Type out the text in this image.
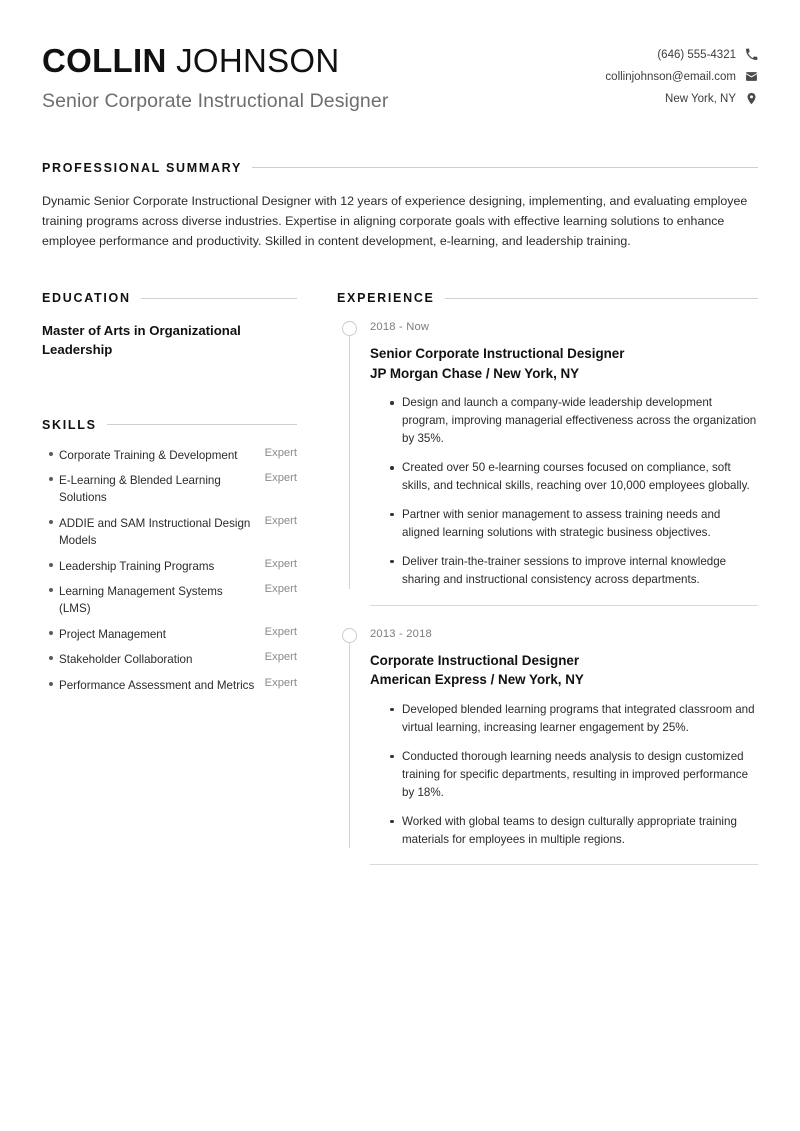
COLLIN JOHNSON
Senior Corporate Instructional Designer
(646) 555-4321
collinjohnson@email.com
New York, NY
PROFESSIONAL SUMMARY

Dynamic Senior Corporate Instructional Designer with 12 years of experience designing, implementing, and evaluating employee training programs across diverse industries. Expertise in aligning corporate goals with effective learning solutions to enhance employee performance and productivity. Skilled in content development, e-learning, and leadership training.

EDUCATION
Master of Arts in Organizational Leadership
SKILLS
Corporate Training & Development	Expert
E-Learning & Blended Learning Solutions
Expert
ADDIE and SAM Instructional Design Models
Expert
Leadership Training Programs	Expert
Learning Management Systems (LMS)
Expert
Project Management	Expert
Stakeholder Collaboration	Expert
Performance Assessment and Metrics Expert
EXPERIENCE
2018 - Now
Senior Corporate Instructional Designer
JP Morgan Chase / New York, NY
Design and launch a company-wide leadership development program, improving managerial effectiveness across the organization by 35%.
Created over 50 e-learning courses focused on compliance, soft skills, and technical skills, reaching over 10,000 employees globally.
Partner with senior management to assess training needs and aligned learning solutions with strategic business objectives.
Deliver train-the-trainer sessions to improve internal knowledge sharing and instructional consistency across departments.
2013 - 2018
Corporate Instructional Designer
American Express / New York, NY
Developed blended learning programs that integrated classroom and virtual learning, increasing learner engagement by 25%.
Conducted thorough learning needs analysis to design customized training for specific departments, resulting in improved performance by 18%.
Worked with global teams to design culturally appropriate training materials for employees in multiple regions.
